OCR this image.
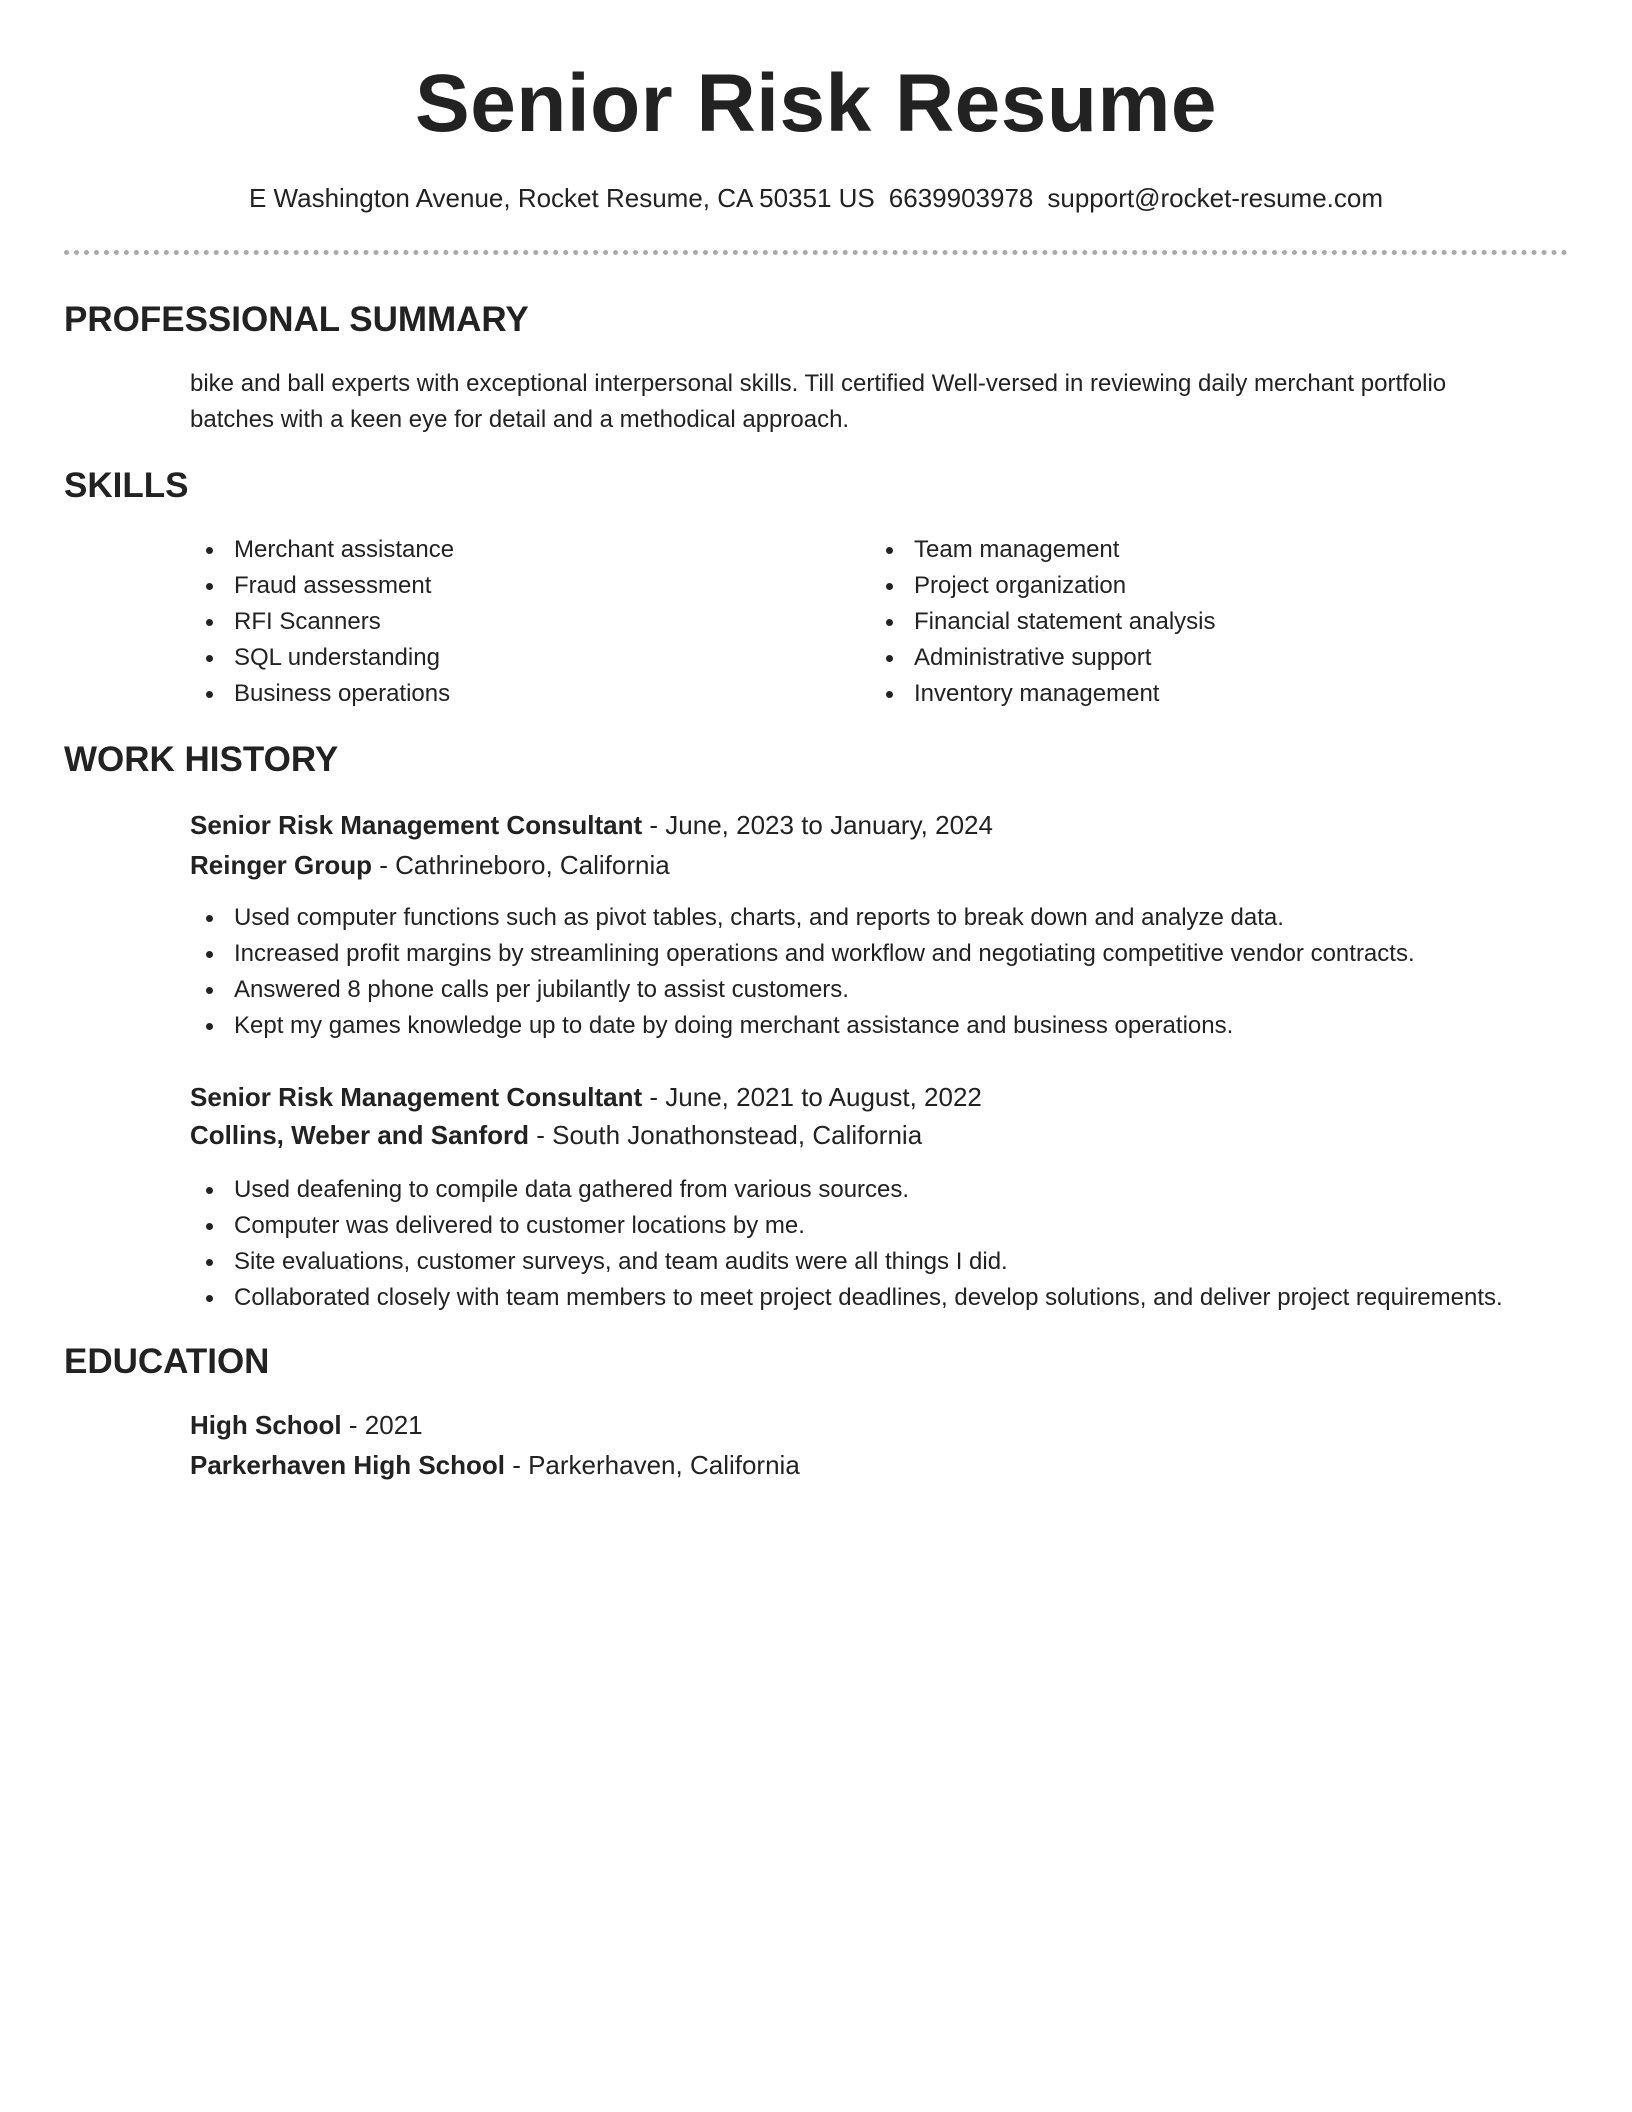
Senior Risk Resume
E Washington Avenue, Rocket Resume, CA 50351 US 6639903978 support@rocket-resume.com
PROFESSIONAL SUMMARY

bike and ball experts with exceptional interpersonal skills. Till certified Well-versed in reviewing daily merchant portfolio batches with a keen eye for detail and a methodical approach.

SKILLS
Merchant assistance
Fraud assessment
RFI Scanners
SQL understanding
Business operations
Team management
Project organization
Financial statement analysis
Administrative support
Inventory management
WORK HISTORY
Senior Risk Management Consultant - June, 2023 to January, 2024
Reinger Group - Cathrineboro, California
Used computer functions such as pivot tables, charts, and reports to break down and analyze data.
Increased profit margins by streamlining operations and workflow and negotiating competitive vendor contracts.
Answered 8 phone calls per jubilantly to assist customers.
Kept my games knowledge up to date by doing merchant assistance and business operations.
Senior Risk Management Consultant - June, 2021 to August, 2022
Collins, Weber and Sanford - South Jonathonstead, California
Used deafening to compile data gathered from various sources.
Computer was delivered to customer locations by me.
Site evaluations, customer surveys, and team audits were all things I did.
Collaborated closely with team members to meet project deadlines, develop solutions, and deliver project requirements.
EDUCATION
High School - 2021
Parkerhaven High School - Parkerhaven, California
